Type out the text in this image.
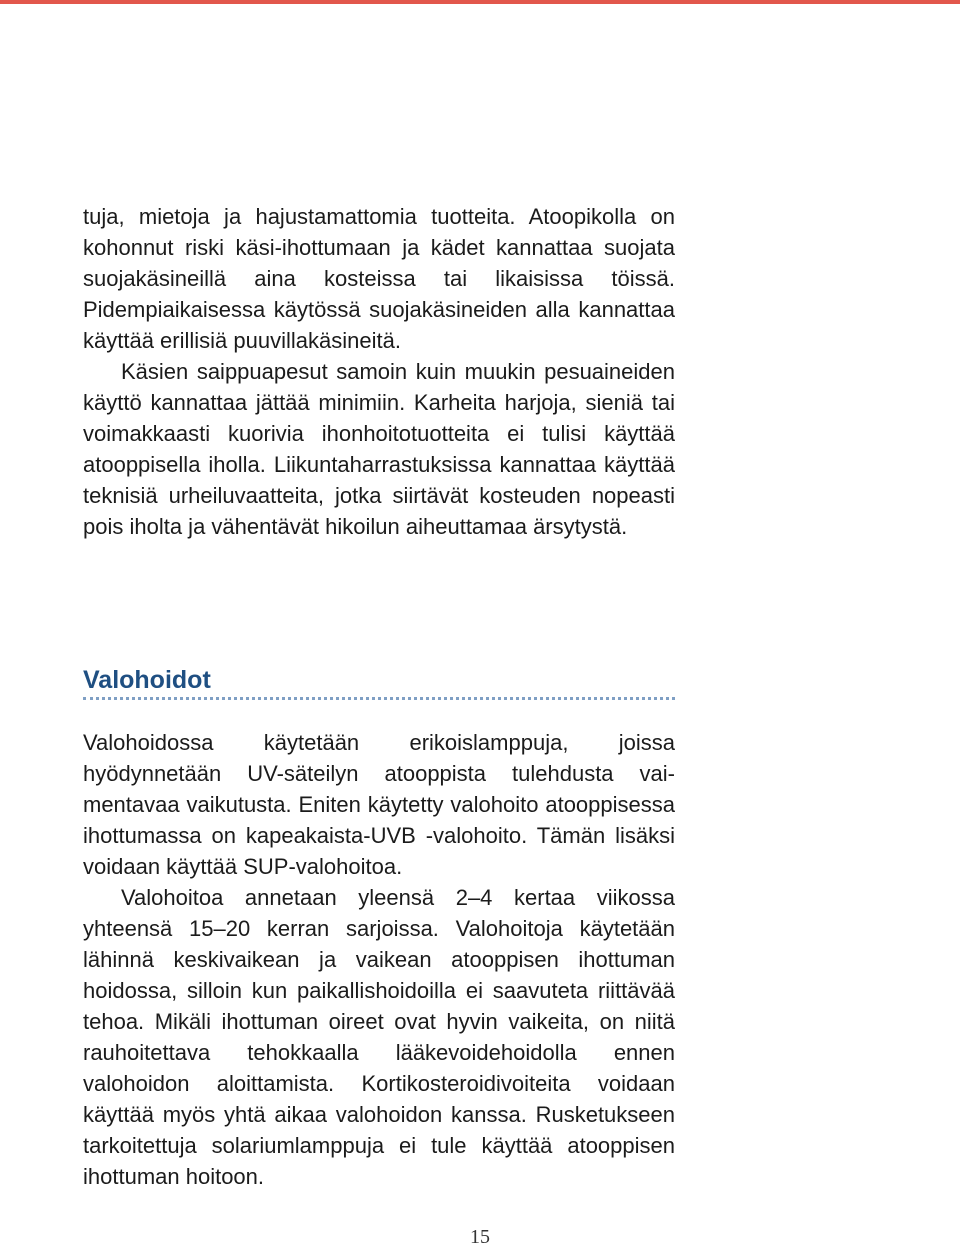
tuja, mietoja ja hajustamattomia tuotteita. Atoopikolla on kohonnut riski käsi-ihottumaan ja kädet kannattaa suojata suojakäsineillä aina kosteissa tai likaisissa töissä. Pidempiaikaisessa käytössä suojakäsineiden alla kannattaa käyttää erillisiä puuvillakäsineitä.

Käsien saippuapesut samoin kuin muukin pesuaineiden käyttö kannattaa jättää minimiin. Karheita harjoja, sieniä tai voimakkaasti kuorivia ihonhoitotuotteita ei tulisi käyttää atooppisella iholla. Liikuntaharrastuksissa kannattaa käyttää teknisiä urheiluvaatteita, jotka siirtävät kosteuden nopeasti pois iholta ja vähentävät hikoilun aiheuttamaa ärsytystä.

Valohoidot

Valohoidossa käytetään erikoislamppuja, joissa hyödynnetään UV-säteilyn atooppista tulehdusta vaimentavaa vaikutusta. Eniten käytetty valohoito atooppisessa ihottumassa on kapeakaista-UVB -valohoito. Tämän lisäksi voidaan käyttää SUP-valohoitoa.

Valohoitoa annetaan yleensä 2–4 kertaa viikossa yhteensä 15–20 kerran sarjoissa. Valohoitoja käytetään lähinnä keskivaikean ja vaikean atooppisen ihottuman hoidossa, silloin kun paikallishoidoilla ei saavuteta riittävää tehoa. Mikäli ihottuman oireet ovat hyvin vaikeita, on niitä rauhoitettava tehokkaalla lääkevoidehoidolla ennen valohoidon aloittamista. Kortikosteroidivoiteita voidaan käyttää myös yhtä aikaa valohoidon kanssa. Rusketukseen tarkoitettuja solariumlamppuja ei tule käyttää atooppisen ihottuman hoitoon.

15
